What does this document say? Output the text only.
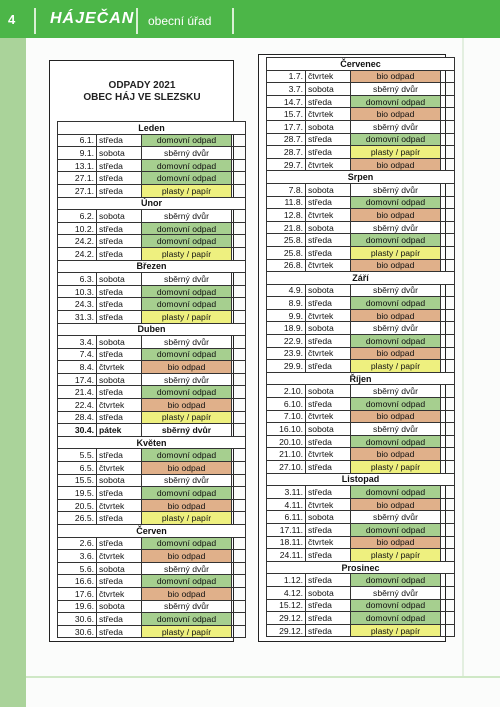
4 HÁJEČAN obecní úřad
ODPADY 2021
OBEC HÁJ VE SLEZSKU
Leden			
6.1.	středa	domovní odpad	
9.1.	sobota	sběrný dvůr	
13.1.	středa	domovní odpad	
27.1.	středa	domovní odpad	
27.1.	středa	plasty / papír	
Únor			
6.2.	sobota	sběrný dvůr	
10.2.	středa	domovní odpad	
24.2.	středa	domovní odpad	
24.2.	středa	plasty / papír	
Březen			
6.3.	sobota	sběrný dvůr	
10.3.	středa	domovní odpad	
24.3.	středa	domovní odpad	
31.3.	středa	plasty / papír	
Duben			
3.4.	sobota	sběrný dvůr	
7.4.	středa	domovní odpad	
8.4.	čtvrtek	bio odpad	
17.4.	sobota	sběrný dvůr	
21.4.	středa	domovní odpad	
22.4.	čtvrtek	bio odpad	
28.4.	středa	plasty / papír	
30.4.	pátek	sběrný dvůr	
Květen			
5.5.	středa	domovní odpad	
6.5.	čtvrtek	bio odpad	
15.5.	sobota	sběrný dvůr	
19.5.	středa	domovní odpad	
20.5.	čtvrtek	bio odpad	
26.5.	středa	plasty / papír	
Červen			
2.6.	středa	domovní odpad	
3.6.	čtvrtek	bio odpad	
5.6.	sobota	sběrný dvůr	
16.6.	středa	domovní odpad	
17.6.	čtvrtek	bio odpad	
19.6.	sobota	sběrný dvůr	
30.6.	středa	domovní odpad	
30.6.	středa	plasty / papír	
Červenec			
1.7.	čtvrtek	bio odpad	
3.7.	sobota	sběrný dvůr	
14.7.	středa	domovní odpad	
15.7.	čtvrtek	bio odpad	
17.7.	sobota	sběrný dvůr	
28.7.	středa	domovní odpad	
28.7.	středa	plasty / papír	
29.7.	čtvrtek	bio odpad	
Srpen			
7.8.	sobota	sběrný dvůr	
11.8.	středa	domovní odpad	
12.8.	čtvrtek	bio odpad	
21.8.	sobota	sběrný dvůr	
25.8.	středa	domovní odpad	
25.8.	středa	plasty / papír	
26.8.	čtvrtek	bio odpad	
Září			
4.9.	sobota	sběrný dvůr	
8.9.	středa	domovní odpad	
9.9.	čtvrtek	bio odpad	
18.9.	sobota	sběrný dvůr	
22.9.	středa	domovní odpad	
23.9.	čtvrtek	bio odpad	
29.9.	středa	plasty / papír	
Říjen			
2.10.	sobota	sběrný dvůr	
6.10.	středa	domovní odpad	
7.10.	čtvrtek	bio odpad	
16.10.	sobota	sběrný dvůr	
20.10.	středa	domovní odpad	
21.10.	čtvrtek	bio odpad	
27.10.	středa	plasty / papír	
Listopad			
3.11.	středa	domovní odpad	
4.11.	čtvrtek	bio odpad	
6.11.	sobota	sběrný dvůr	
17.11.	středa	domovní odpad	
18.11.	čtvrtek	bio odpad	
24.11.	středa	plasty / papír	
Prosinec			
1.12.	středa	domovní odpad	
4.12.	sobota	sběrný dvůr	
15.12.	středa	domovní odpad	
29.12.	středa	domovní odpad	
29.12.	středa	plasty / papír	
